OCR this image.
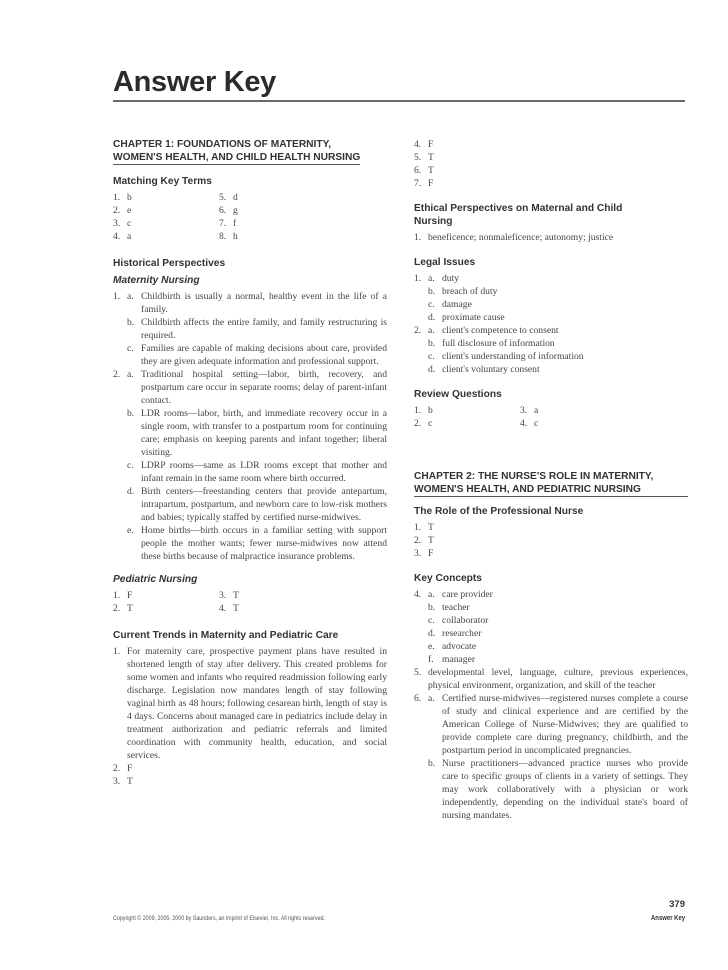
Answer Key
CHAPTER 1: FOUNDATIONS OF MATERNITY,
WOMEN'S HEALTH, AND CHILD HEALTH NURSING
Matching Key Terms
1. b
2. e
3. c
4. a
5. d
6. g
7. f
8. h
Historical Perspectives
Maternity Nursing
1. a. Childbirth is usually a normal, healthy event in the life of a family.
b. Childbirth affects the entire family, and family restructuring is required.
c. Families are capable of making decisions about care, provided they are given adequate information and professional support.
2. a. Traditional hospital setting—labor, birth, recovery, and postpartum care occur in separate rooms; delay of parent-infant contact.
b. LDR rooms—labor, birth, and immediate recovery occur in a single room, with transfer to a postpartum room for continuing care; emphasis on keeping parents and infant together; liberal visiting.
c. LDRP rooms—same as LDR rooms except that mother and infant remain in the same room where birth occurred.
d. Birth centers—freestanding centers that provide antepartum, intrapartum, postpartum, and newborn care to low-risk mothers and babies; typically staffed by certified nurse-midwives.
e. Home births—birth occurs in a familiar setting with support people the mother wants; fewer nurse-midwives now attend these births because of malpractice insurance problems.
Pediatric Nursing
1. F
2. T
3. T
4. T
Current Trends in Maternity and Pediatric Care
1. For maternity care, prospective payment plans have resulted in shortened length of stay after delivery. This created problems for some women and infants who required readmission following early discharge. Legislation now mandates length of stay following vaginal birth as 48 hours; following cesarean birth, length of stay is 4 days. Concerns about managed care in pediatrics include delay in treatment authorization and pediatric referrals and limited coordination with community health, education, and social services.
2. F
3. T
4. F
5. T
6. T
7. F
Ethical Perspectives on Maternal and Child Nursing
1. beneficence; nonmaleficence; autonomy; justice
Legal Issues
1. a. duty
b. breach of duty
c. damage
d. proximate cause
2. a. client's competence to consent
b. full disclosure of information
c. client's understanding of information
d. client's voluntary consent
Review Questions
1. b
2. c
3. a
4. c
CHAPTER 2: THE NURSE'S ROLE IN MATERNITY,
WOMEN'S HEALTH, AND PEDIATRIC NURSING
The Role of the Professional Nurse
1. T
2. T
3. F
Key Concepts
4. a. care provider
b. teacher
c. collaborator
d. researcher
e. advocate
f. manager
5. developmental level, language, culture, previous experiences, physical environment, organization, and skill of the teacher
6. a. Certified nurse-midwives—registered nurses complete a course of study and clinical experience and are certified by the American College of Nurse-Midwives; they are qualified to provide complete care during pregnancy, childbirth, and the postpartum period in uncomplicated pregnancies.
b. Nurse practitioners—advanced practice nurses who provide care to specific groups of clients in a variety of settings. They may work collaboratively with a physician or work independently, depending on the individual state's board of nursing mandates.
379
Copyright © 2009, 2005, 2000 by Saunders, an imprint of Elsevier, Inc. All rights reserved.	Answer Key
